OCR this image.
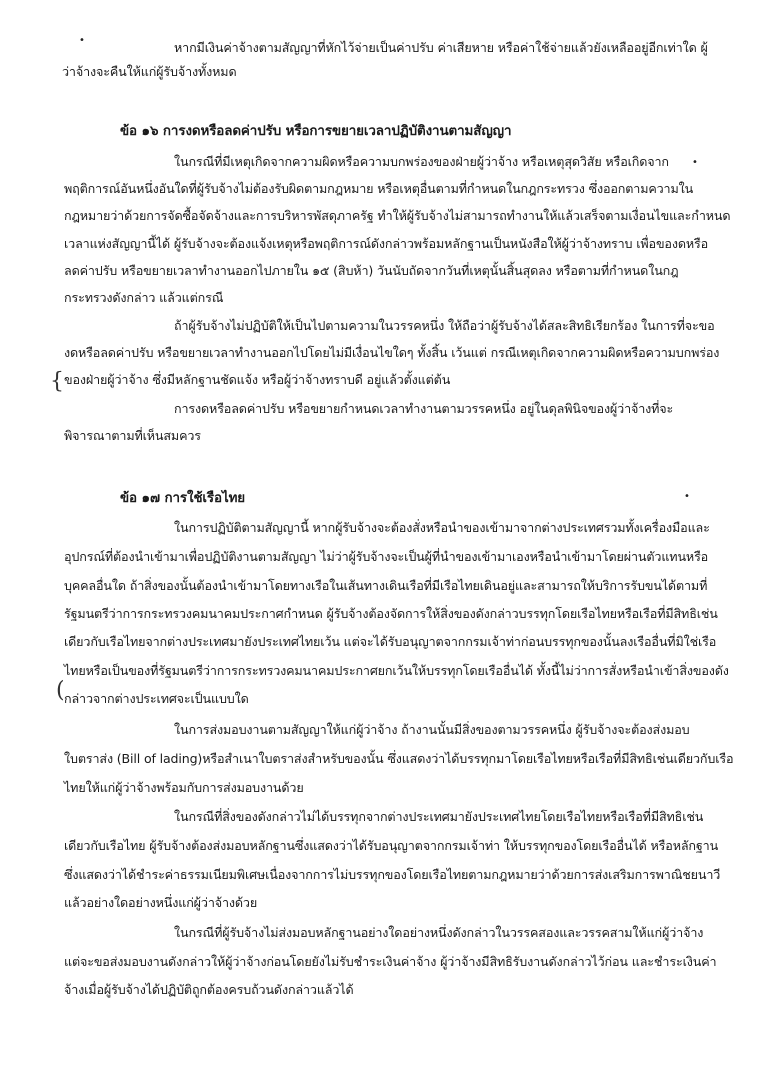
•
•
•
{
(
หากมีเงินค่าจ้างตามสัญญาที่หักไว้จ่ายเป็นค่าปรับ ค่าเสียหาย หรือค่าใช้จ่ายแล้วยังเหลืออยู่อีกเท่าใด ผู้
ว่าจ้างจะคืนให้แก่ผู้รับจ้างทั้งหมด
ข้อ ๑๖ การงดหรือลดค่าปรับ หรือการขยายเวลาปฏิบัติงานตามสัญญา
ในกรณีที่มีเหตุเกิดจากความผิดหรือความบกพร่องของฝ่ายผู้ว่าจ้าง หรือเหตุสุดวิสัย หรือเกิดจาก
พฤติการณ์อันหนึ่งอันใดที่ผู้รับจ้างไม่ต้องรับผิดตามกฎหมาย หรือเหตุอื่นตามที่กำหนดในกฎกระทรวง ซึ่งออกตามความใน
กฎหมายว่าด้วยการจัดซื้อจัดจ้างและการบริหารพัสดุภาครัฐ ทำให้ผู้รับจ้างไม่สามารถทำงานให้แล้วเสร็จตามเงื่อนไขและกำหนด
เวลาแห่งสัญญานี้ได้ ผู้รับจ้างจะต้องแจ้งเหตุหรือพฤติการณ์ดังกล่าวพร้อมหลักฐานเป็นหนังสือให้ผู้ว่าจ้างทราบ เพื่อของดหรือ
ลดค่าปรับ หรือขยายเวลาทำงานออกไปภายใน ๑๕ (สิบห้า) วันนับถัดจากวันที่เหตุนั้นสิ้นสุดลง หรือตามที่กำหนดในกฎ
กระทรวงดังกล่าว แล้วแต่กรณี
ถ้าผู้รับจ้างไม่ปฏิบัติให้เป็นไปตามความในวรรคหนึ่ง ให้ถือว่าผู้รับจ้างได้สละสิทธิเรียกร้อง ในการที่จะขอ
งดหรือลดค่าปรับ หรือขยายเวลาทำงานออกไปโดยไม่มีเงื่อนไขใดๆ ทั้งสิ้น เว้นแต่ กรณีเหตุเกิดจากความผิดหรือความบกพร่อง
ของฝ่ายผู้ว่าจ้าง ซึ่งมีหลักฐานชัดแจ้ง หรือผู้ว่าจ้างทราบดี อยู่แล้วตั้งแต่ต้น
การงดหรือลดค่าปรับ หรือขยายกำหนดเวลาทำงานตามวรรคหนึ่ง อยู่ในดุลพินิจของผู้ว่าจ้างที่จะ
พิจารณาตามที่เห็นสมควร
ข้อ ๑๗ การใช้เรือไทย
ในการปฏิบัติตามสัญญานี้ หากผู้รับจ้างจะต้องสั่งหรือนำของเข้ามาจากต่างประเทศรวมทั้งเครื่องมือและ
อุปกรณ์ที่ต้องนำเข้ามาเพื่อปฏิบัติงานตามสัญญา ไม่ว่าผู้รับจ้างจะเป็นผู้ที่นำของเข้ามาเองหรือนำเข้ามาโดยผ่านตัวแทนหรือ
บุคคลอื่นใด ถ้าสิ่งของนั้นต้องนำเข้ามาโดยทางเรือในเส้นทางเดินเรือที่มีเรือไทยเดินอยู่และสามารถให้บริการรับขนได้ตามที่
รัฐมนตรีว่าการกระทรวงคมนาคมประกาศกำหนด ผู้รับจ้างต้องจัดการให้สิ่งของดังกล่าวบรรทุกโดยเรือไทยหรือเรือที่มีสิทธิเช่น
เดียวกับเรือไทยจากต่างประเทศมายังประเทศไทยเว้น แต่จะได้รับอนุญาตจากกรมเจ้าท่าก่อนบรรทุกของนั้นลงเรืออื่นที่มิใช่เรือ
ไทยหรือเป็นของที่รัฐมนตรีว่าการกระทรวงคมนาคมประกาศยกเว้นให้บรรทุกโดยเรืออื่นได้ ทั้งนี้ไม่ว่าการสั่งหรือนำเข้าสิ่งของดัง
กล่าวจากต่างประเทศจะเป็นแบบใด
ในการส่งมอบงานตามสัญญาให้แก่ผู้ว่าจ้าง ถ้างานนั้นมีสิ่งของตามวรรคหนึ่ง ผู้รับจ้างจะต้องส่งมอบ
ใบตราส่ง (Bill of lading)หรือสำเนาใบตราส่งสำหรับของนั้น ซึ่งแสดงว่าได้บรรทุกมาโดยเรือไทยหรือเรือที่มีสิทธิเช่นเดียวกับเรือ
ไทยให้แก่ผู้ว่าจ้างพร้อมกับการส่งมอบงานด้วย
ในกรณีที่สิ่งของดังกล่าวไม่ได้บรรทุกจากต่างประเทศมายังประเทศไทยโดยเรือไทยหรือเรือที่มีสิทธิเช่น
เดียวกับเรือไทย ผู้รับจ้างต้องส่งมอบหลักฐานซึ่งแสดงว่าได้รับอนุญาตจากกรมเจ้าท่า ให้บรรทุกของโดยเรืออื่นได้ หรือหลักฐาน
ซึ่งแสดงว่าได้ชำระค่าธรรมเนียมพิเศษเนื่องจากการไม่บรรทุกของโดยเรือไทยตามกฎหมายว่าด้วยการส่งเสริมการพาณิชยนาวี
แล้วอย่างใดอย่างหนึ่งแก่ผู้ว่าจ้างด้วย
ในกรณีที่ผู้รับจ้างไม่ส่งมอบหลักฐานอย่างใดอย่างหนึ่งดังกล่าวในวรรคสองและวรรคสามให้แก่ผู้ว่าจ้าง
แต่จะขอส่งมอบงานดังกล่าวให้ผู้ว่าจ้างก่อนโดยยังไม่รับชำระเงินค่าจ้าง ผู้ว่าจ้างมีสิทธิรับงานดังกล่าวไว้ก่อน และชำระเงินค่า
จ้างเมื่อผู้รับจ้างได้ปฏิบัติถูกต้องครบถ้วนดังกล่าวแล้วได้
